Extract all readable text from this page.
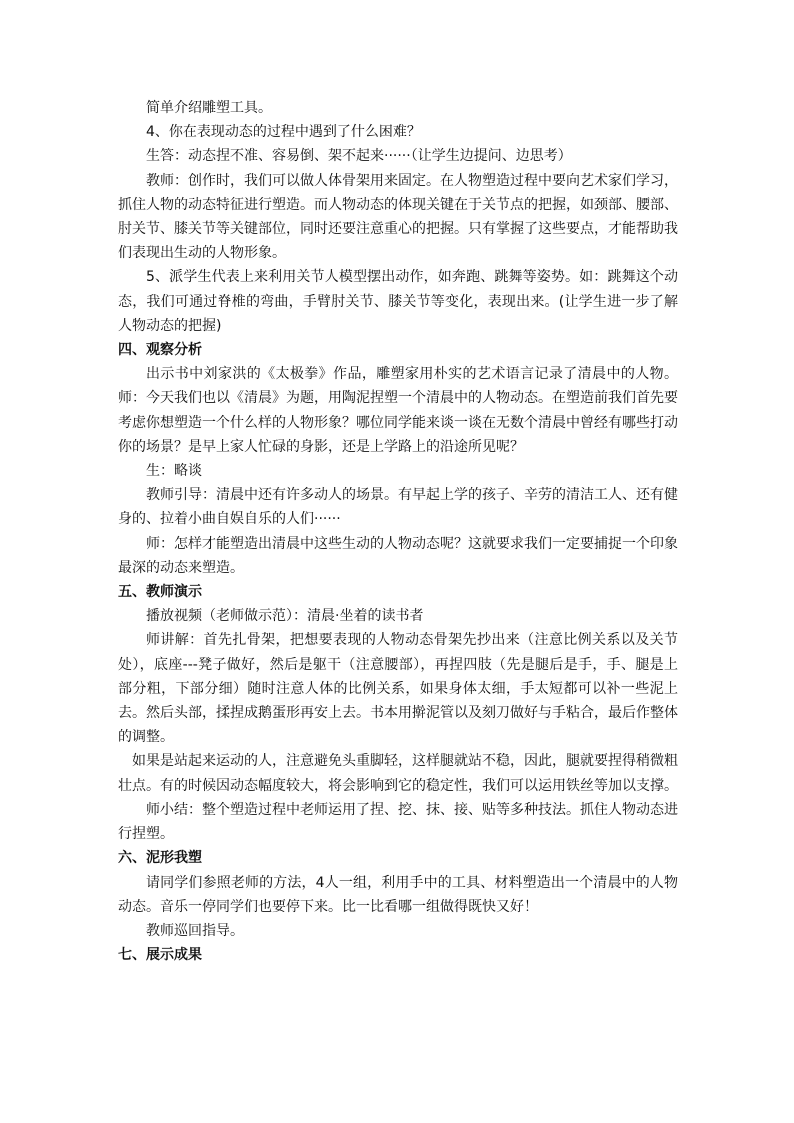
简单介绍雕塑工具。

4、你在表现动态的过程中遇到了什么困难？

生答：动态捏不准、容易倒、架不起来······（让学生边提问、边思考）

教师：创作时，我们可以做人体骨架用来固定。在人物塑造过程中要向艺术家们学习，抓住人物的动态特征进行塑造。而人物动态的体现关键在于关节点的把握，如颈部、腰部、肘关节、膝关节等关键部位，同时还要注意重心的把握。只有掌握了这些要点，才能帮助我们表现出生动的人物形象。

5、派学生代表上来利用关节人模型摆出动作，如奔跑、跳舞等姿势。如：跳舞这个动态，我们可通过脊椎的弯曲，手臂肘关节、膝关节等变化，表现出来。(让学生进一步了解人物动态的把握)

四、观察分析

出示书中刘家洪的《太极拳》作品，雕塑家用朴实的艺术语言记录了清晨中的人物。师：今天我们也以《清晨》为题，用陶泥捏塑一个清晨中的人物动态。在塑造前我们首先要考虑你想塑造一个什么样的人物形象？哪位同学能来谈一谈在无数个清晨中曾经有哪些打动你的场景？是早上家人忙碌的身影，还是上学路上的沿途所见呢？

生：略谈

教师引导：清晨中还有许多动人的场景。有早起上学的孩子、辛劳的清洁工人、还有健身的、拉着小曲自娱自乐的人们······

师：怎样才能塑造出清晨中这些生动的人物动态呢？这就要求我们一定要捕捉一个印象最深的动态来塑造。

五、教师演示

播放视频（老师做示范）：清晨·坐着的读书者

师讲解：首先扎骨架，把想要表现的人物动态骨架先抄出来（注意比例关系以及关节处），底座---凳子做好，然后是躯干（注意腰部），再捏四肢（先是腿后是手，手、腿是上部分粗，下部分细）随时注意人体的比例关系，如果身体太细，手太短都可以补一些泥上去。然后头部，揉捏成鹅蛋形再安上去。书本用擀泥管以及刻刀做好与手粘合，最后作整体的调整。

如果是站起来运动的人，注意避免头重脚轻，这样腿就站不稳，因此，腿就要捏得稍微粗壮点。有的时候因动态幅度较大，将会影响到它的稳定性，我们可以运用铁丝等加以支撑。

师小结：整个塑造过程中老师运用了捏、挖、抹、接、贴等多种技法。抓住人物动态进行捏塑。

六、泥形我塑

请同学们参照老师的方法，4人一组，利用手中的工具、材料塑造出一个清晨中的人物动态。音乐一停同学们也要停下来。比一比看哪一组做得既快又好！

教师巡回指导。

七、展示成果
